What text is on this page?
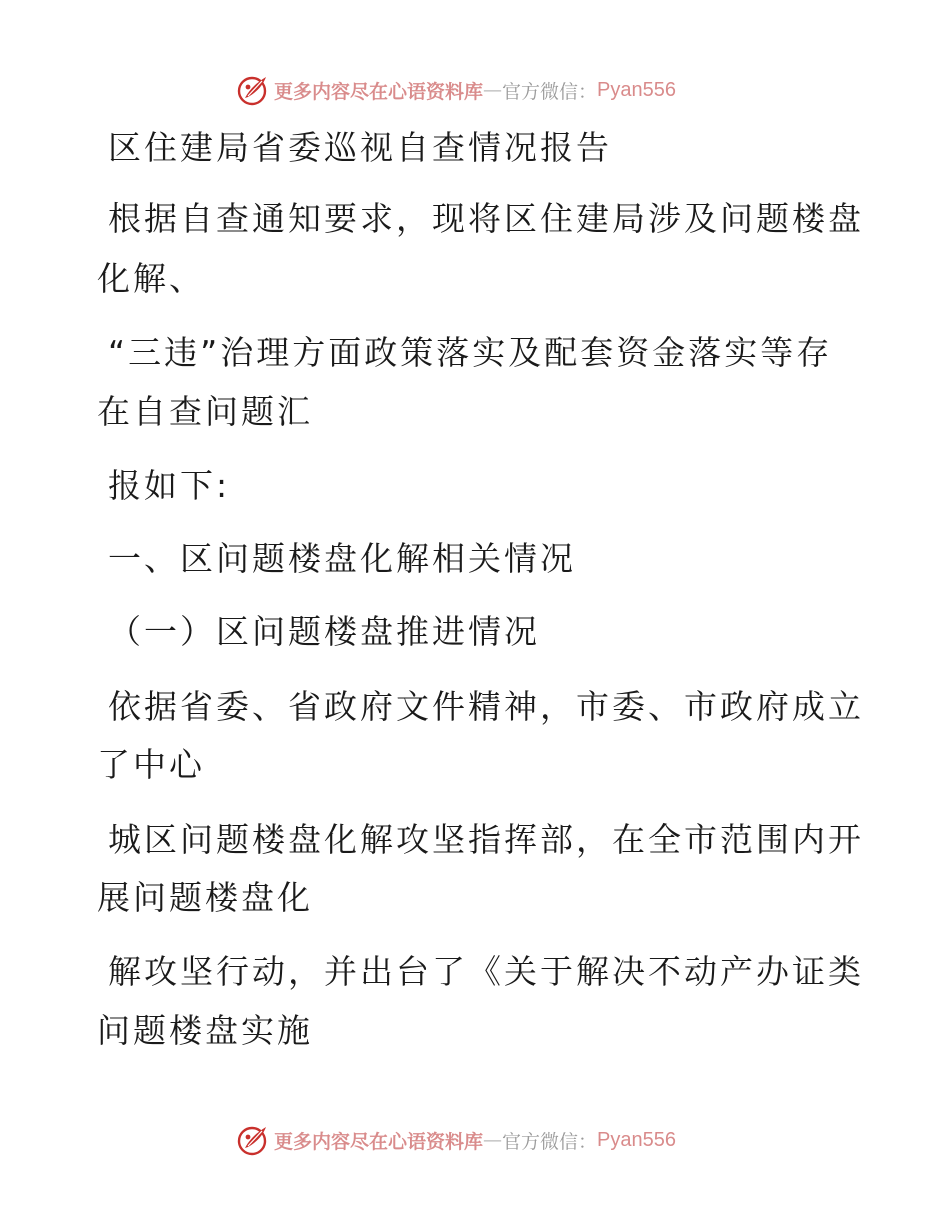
更多内容尽在心语资料库 — 官方微信： Pyan556
区住建局省委巡视自查情况报告
根据自查通知要求，现将区住建局涉及问题楼盘
化解、
“三违”治理方面政策落实及配套资金落实等存
在自查问题汇
报如下:
一、区问题楼盘化解相关情况
（一）区问题楼盘推进情况
依据省委、省政府文件精神，市委、市政府成立
了中心
城区问题楼盘化解攻坚指挥部，在全市范围内开
展问题楼盘化
解攻坚行动，并出台了《关于解决不动产办证类
问题楼盘实施
更多内容尽在心语资料库 — 官方微信： Pyan556
